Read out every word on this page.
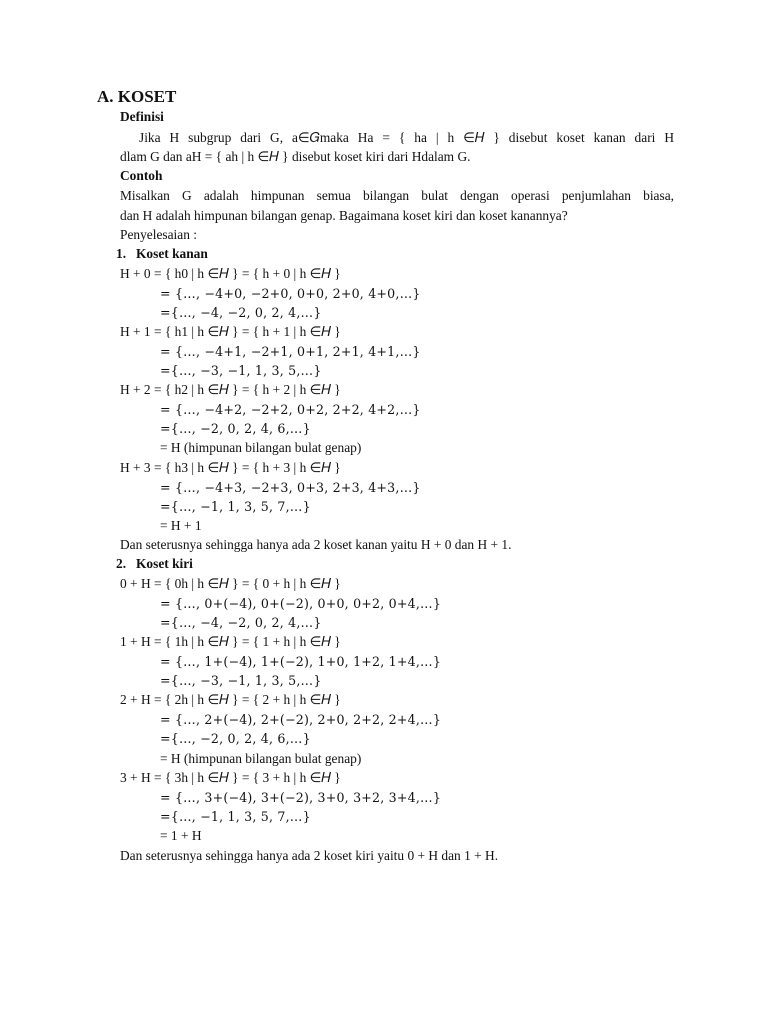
A. KOSET
Definisi
Jika H subgrup dari G, a∈𝐺maka Ha = { ha | h ∈𝐻 } disebut koset kanan dari H
dlam G dan aH = { ah | h ∈𝐻 } disebut koset kiri dari Hdalam G.
Contoh
Misalkan G adalah himpunan semua bilangan bulat dengan operasi penjumlahan biasa,
dan H adalah himpunan bilangan genap. Bagaimana koset kiri dan koset kanannya?
Penyelesaian :
1. Koset kanan
H + 0 = { h0 | h ∈𝐻 } = { h + 0 | h ∈𝐻 }
= {…, −4+0, −2+0, 0+0, 2+0, 4+0,…}
={…, −4, −2, 0, 2, 4,…}
H + 1 = { h1 | h ∈𝐻 } = { h + 1 | h ∈𝐻 }
= {…, −4+1, −2+1, 0+1, 2+1, 4+1,…}
={…, −3, −1, 1, 3, 5,…}
H + 2 = { h2 | h ∈𝐻 } = { h + 2 | h ∈𝐻 }
= {…, −4+2, −2+2, 0+2, 2+2, 4+2,…}
={…, −2, 0, 2, 4, 6,…}
= H (himpunan bilangan bulat genap)
H + 3 = { h3 | h ∈𝐻 } = { h + 3 | h ∈𝐻 }
= {…, −4+3, −2+3, 0+3, 2+3, 4+3,…}
={…, −1, 1, 3, 5, 7,…}
= H + 1
Dan seterusnya sehingga hanya ada 2 koset kanan yaitu H + 0 dan H + 1.
2. Koset kiri
0 + H = { 0h | h ∈𝐻 } = { 0 + h | h ∈𝐻 }
= {…, 0+(−4), 0+(−2), 0+0, 0+2, 0+4,…}
={…, −4, −2, 0, 2, 4,…}
1 + H = { 1h | h ∈𝐻 } = { 1 + h | h ∈𝐻 }
= {…, 1+(−4), 1+(−2), 1+0, 1+2, 1+4,…}
={…, −3, −1, 1, 3, 5,…}
2 + H = { 2h | h ∈𝐻 } = { 2 + h | h ∈𝐻 }
= {…, 2+(−4), 2+(−2), 2+0, 2+2, 2+4,…}
={…, −2, 0, 2, 4, 6,…}
= H (himpunan bilangan bulat genap)
3 + H = { 3h | h ∈𝐻 } = { 3 + h | h ∈𝐻 }
= {…, 3+(−4), 3+(−2), 3+0, 3+2, 3+4,…}
={…, −1, 1, 3, 5, 7,…}
= 1 + H
Dan seterusnya sehingga hanya ada 2 koset kiri yaitu 0 + H dan 1 + H.
